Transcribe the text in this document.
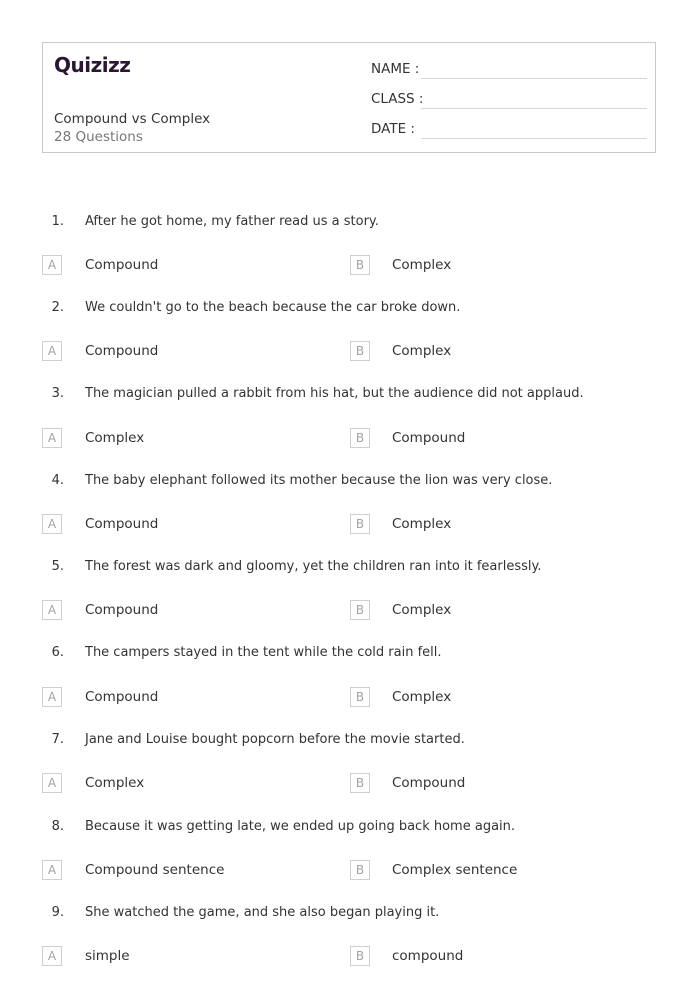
Quizizz
Compound vs Complex
28 Questions
NAME :
CLASS :
DATE :
1. After he got home, my father read us a story.
A	Compound	B	Complex
2. We couldn't go to the beach because the car broke down.
A	Compound	B	Complex
3. The magician pulled a rabbit from his hat, but the audience did not applaud.
A	Complex	B	Compound
4. The baby elephant followed its mother because the lion was very close.
A	Compound	B	Complex
5. The forest was dark and gloomy, yet the children ran into it fearlessly.
A	Compound	B	Complex
6. The campers stayed in the tent while the cold rain fell.
A	Compound	B	Complex
7. Jane and Louise bought popcorn before the movie started.
A	Complex	B	Compound
8. Because it was getting late, we ended up going back home again.
A	Compound sentence	B	Complex sentence
9. She watched the game, and she also began playing it.
A	simple	B	compound
